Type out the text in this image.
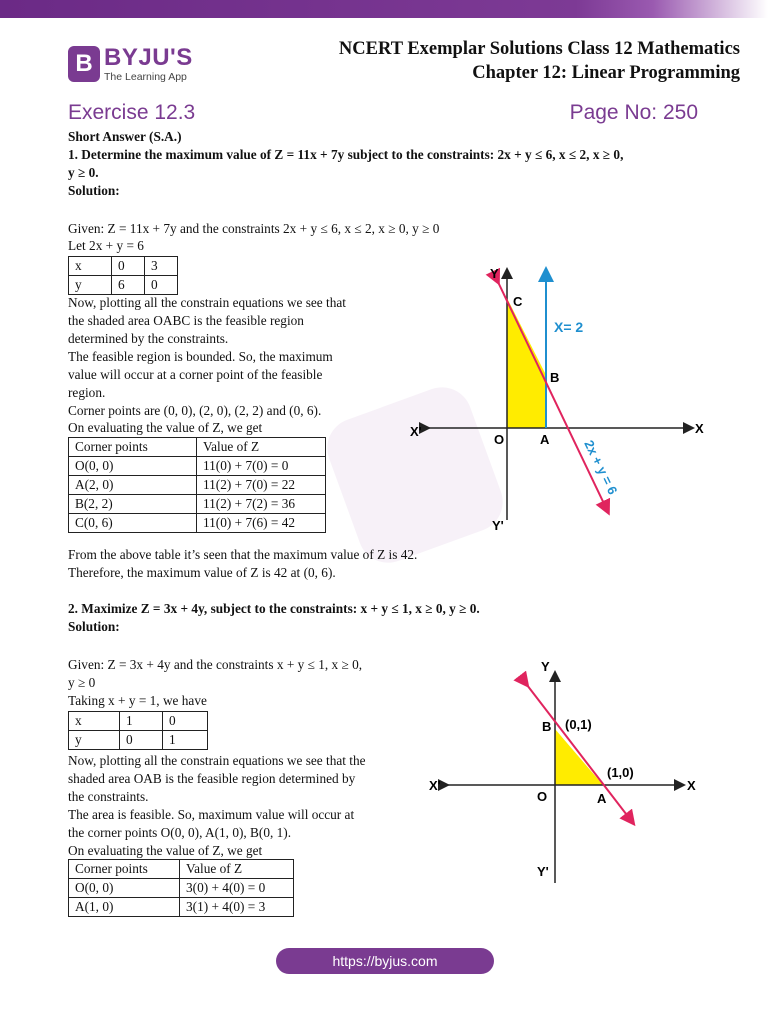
B BYJU'S
The Learning App
NCERT Exemplar Solutions Class 12 Mathematics
Chapter 12: Linear Programming
Exercise 12.3	Page No: 250
Short Answer (S.A.)
1. Determine the maximum value of Z = 11x + 7y subject to the constraints: 2x + y ≤ 6, x ≤ 2, x ≥ 0,
y ≥ 0.
Solution:
Given: Z = 11x + 7y and the constraints 2x + y ≤ 6, x ≤ 2, x ≥ 0, y ≥ 0
Let 2x + y = 6
x	0	3
y	6	0
Now, plotting all the constrain equations we see that
the shaded area OABC is the feasible region
determined by the constraints.
The feasible region is bounded. So, the maximum
value will occur at a corner point of the feasible
region.
Corner points are (0, 0), (2, 0), (2, 2) and (0, 6).
On evaluating the value of Z, we get
Corner points	Value of Z
O(0, 0)	11(0) + 7(0) = 0
A(2, 0)	11(2) + 7(0) = 22
B(2, 2)	11(2) + 7(2) = 36
C(0, 6)	11(0) + 7(6) = 42
From the above table it’s seen that the maximum value of Z is 42.
Therefore, the maximum value of Z is 42 at (0, 6).
Y
Y'
X
X'
O	A
B
C
X= 2
2x + y = 6
2. Maximize Z = 3x + 4y, subject to the constraints: x + y ≤ 1, x ≥ 0, y ≥ 0.
Solution:
Given: Z = 3x + 4y and the constraints x + y ≤ 1, x ≥ 0,
y ≥ 0
Taking x + y = 1, we have
x	1	0
y	0	1
Now, plotting all the constrain equations we see that the
shaded area OAB is the feasible region determined by
the constraints.
The area is feasible. So, maximum value will occur at
the corner points O(0, 0), A(1, 0), B(0, 1).
On evaluating the value of Z, we get
Corner points	Value of Z
O(0, 0)	3(0) + 4(0) = 0
A(1, 0)	3(1) + 4(0) = 3
Y
Y'
X
X'
O	A
B (0,1)
(1,0)
https://byjus.com
